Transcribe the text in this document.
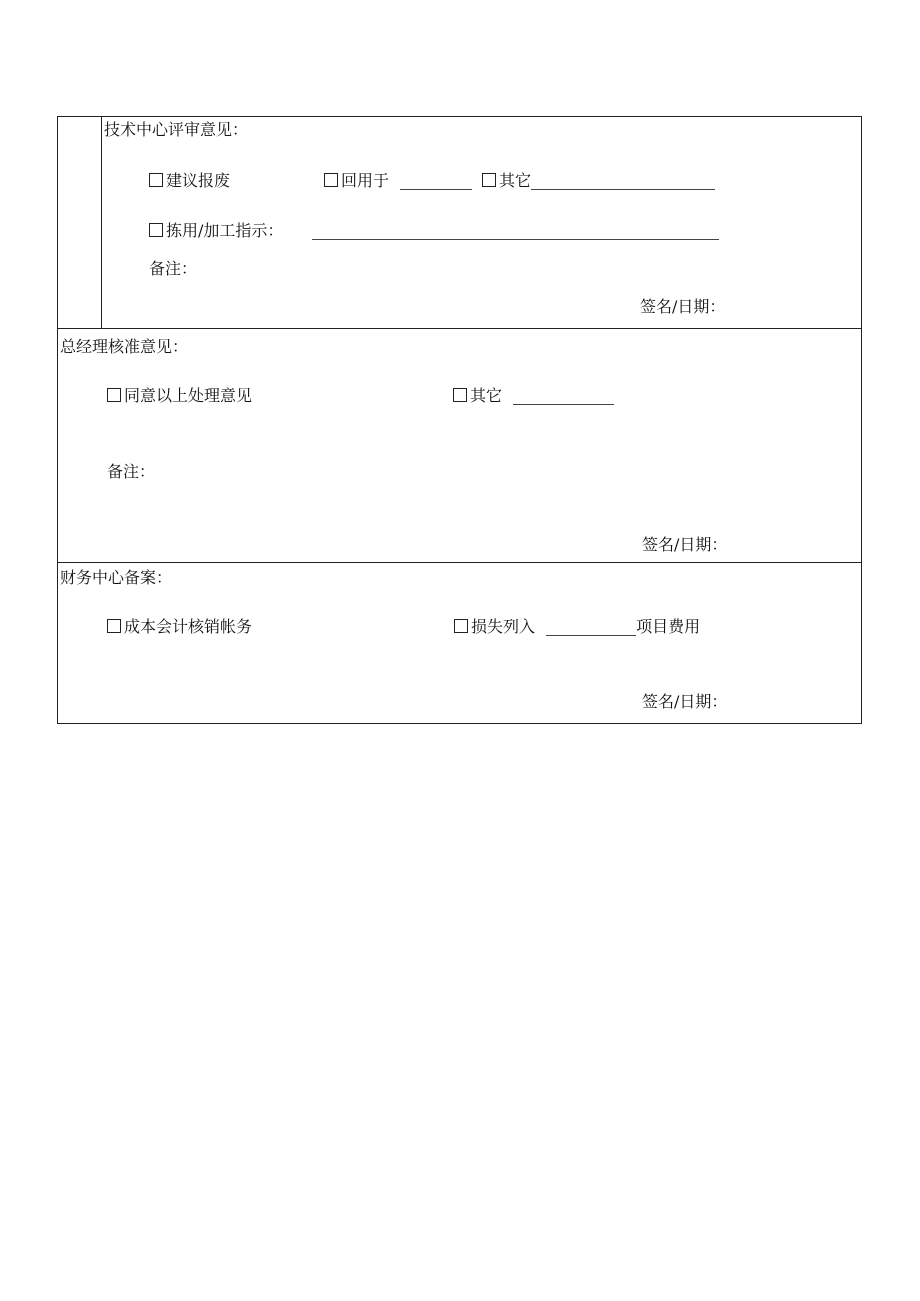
技术中心评审意见：
建议报废	回用于	其它
拣用/加工指示：
备注：
签名/日期：
总经理核准意见：
同意以上处理意见	其它
备注：
签名/日期：
财务中心备案：
成本会计核销帐务	损失列入	项目费用
签名/日期：
